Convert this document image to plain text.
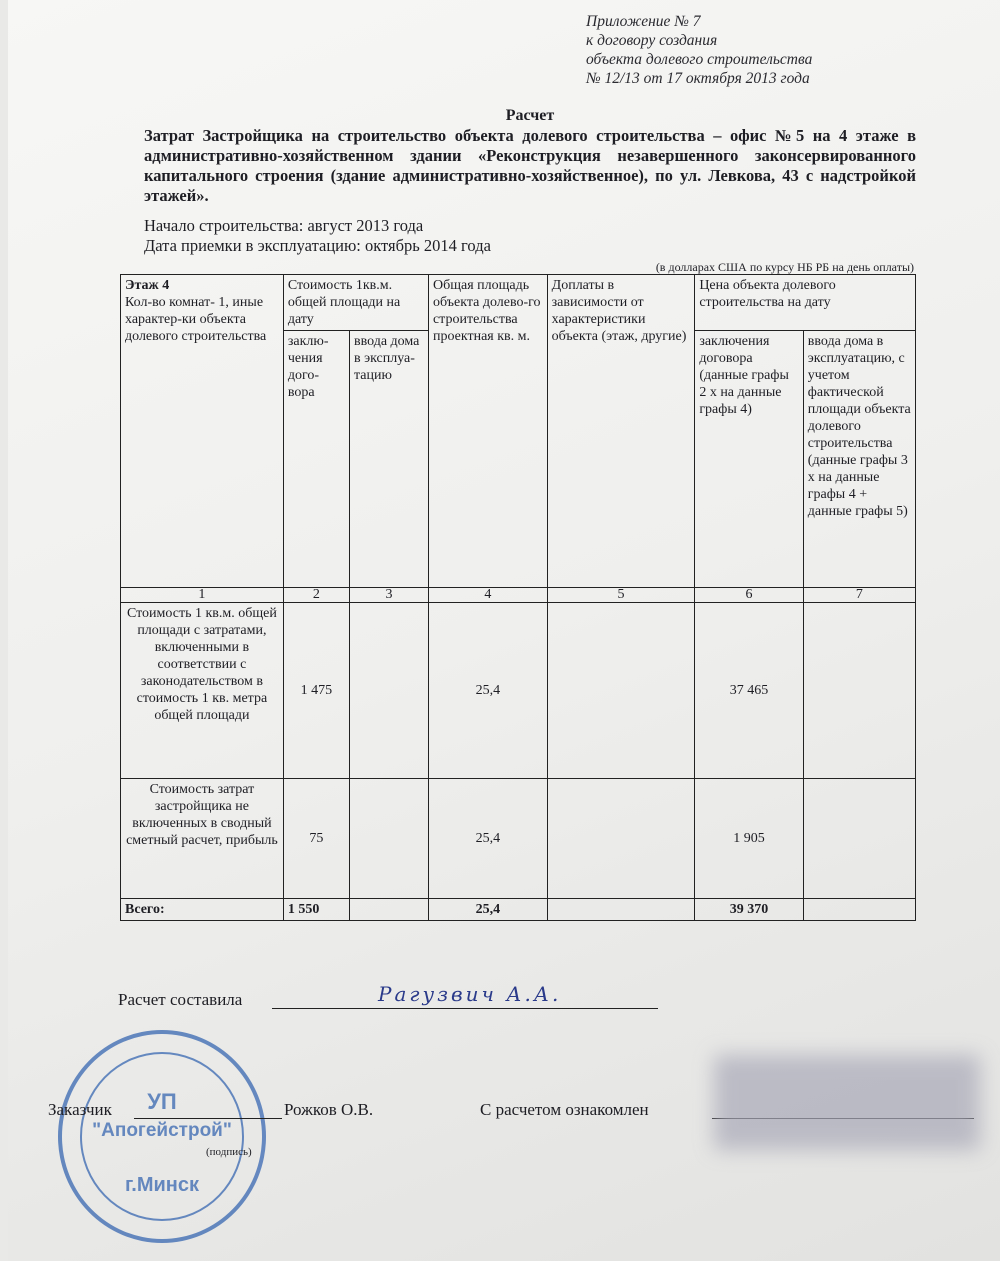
Приложение № 7
к договору создания
объекта долевого строительства
№ 12/13 от 17 октября 2013 года
Расчет
Затрат Застройщика на строительство объекта долевого строительства – офис №5 на 4 этаже в административно-хозяйственном здании «Реконструкция незавершенного законсервированного капитального строения (здание административно-хозяйственное), по ул. Левкова, 43 с надстройкой этажей».
Начало строительства: август 2013 года
Дата приемки в эксплуатацию: октябрь 2014 года
(в долларах США по курсу НБ РБ на день оплаты)
Этаж 4
Кол-во комнат- 1, иные характер-ки объекта долевого строительства	Стоимость 1кв.м. общей площади на дату		Общая площадь объекта долево-го строительства проектная кв. м.	Доплаты в зависимости от характеристики объекта (этаж, другие)	Цена объекта долевого строительства на дату	
	заклю-чения дого-вора	ввода дома в эксплуа-тацию			заключения договора (данные графы 2 х на данные графы 4)	ввода дома в эксплуатацию, с учетом фактической площади объекта долевого строительства (данные графы 3 х на данные графы 4 + данные графы 5)
1	2	3	4	5	6	7
Стоимость 1 кв.м. общей площади с затратами, включенными в соответствии с законодательством в стоимость 1 кв. метра общей площади	1 475		25,4		37 465	
Стоимость затрат застройщика не включенных в сводный сметный расчет, прибыль	75		25,4		1 905	
Всего:	1 550		25,4		39 370	
Расчет составила	Рагузвич А.А.
УП
"Апогейстрой"
г.Минск
Заказчик
(подпись)
Рожков О.В.	С расчетом ознакомлен
